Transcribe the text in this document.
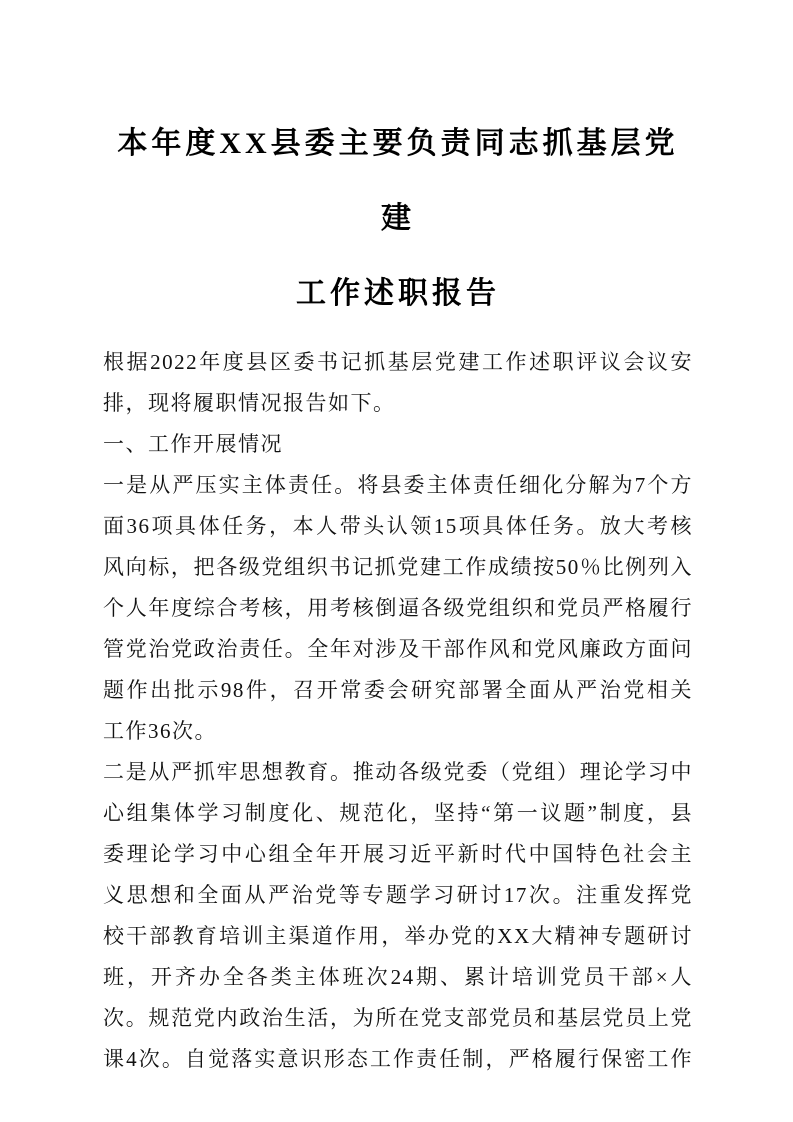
本年度XX县委主要负责同志抓基层党建
工作述职报告
根据2022年度县区委书记抓基层党建工作述职评议会议安
排，现将履职情况报告如下。
一、工作开展情况
一是从严压实主体责任。将县委主体责任细化分解为7个方
面36项具体任务，本人带头认领15项具体任务。放大考核
风向标，把各级党组织书记抓党建工作成绩按50％比例列入
个人年度综合考核，用考核倒逼各级党组织和党员严格履行
管党治党政治责任。全年对涉及干部作风和党风廉政方面问
题作出批示98件，召开常委会研究部署全面从严治党相关
工作36次。
二是从严抓牢思想教育。推动各级党委（党组）理论学习中
心组集体学习制度化、规范化，坚持“第一议题”制度，县
委理论学习中心组全年开展习近平新时代中国特色社会主
义思想和全面从严治党等专题学习研讨17次。注重发挥党
校干部教育培训主渠道作用，举办党的XX大精神专题研讨
班，开齐办全各类主体班次24期、累计培训党员干部×人
次。规范党内政治生活，为所在党支部党员和基层党员上党
课4次。自觉落实意识形态工作责任制，严格履行保密工作
